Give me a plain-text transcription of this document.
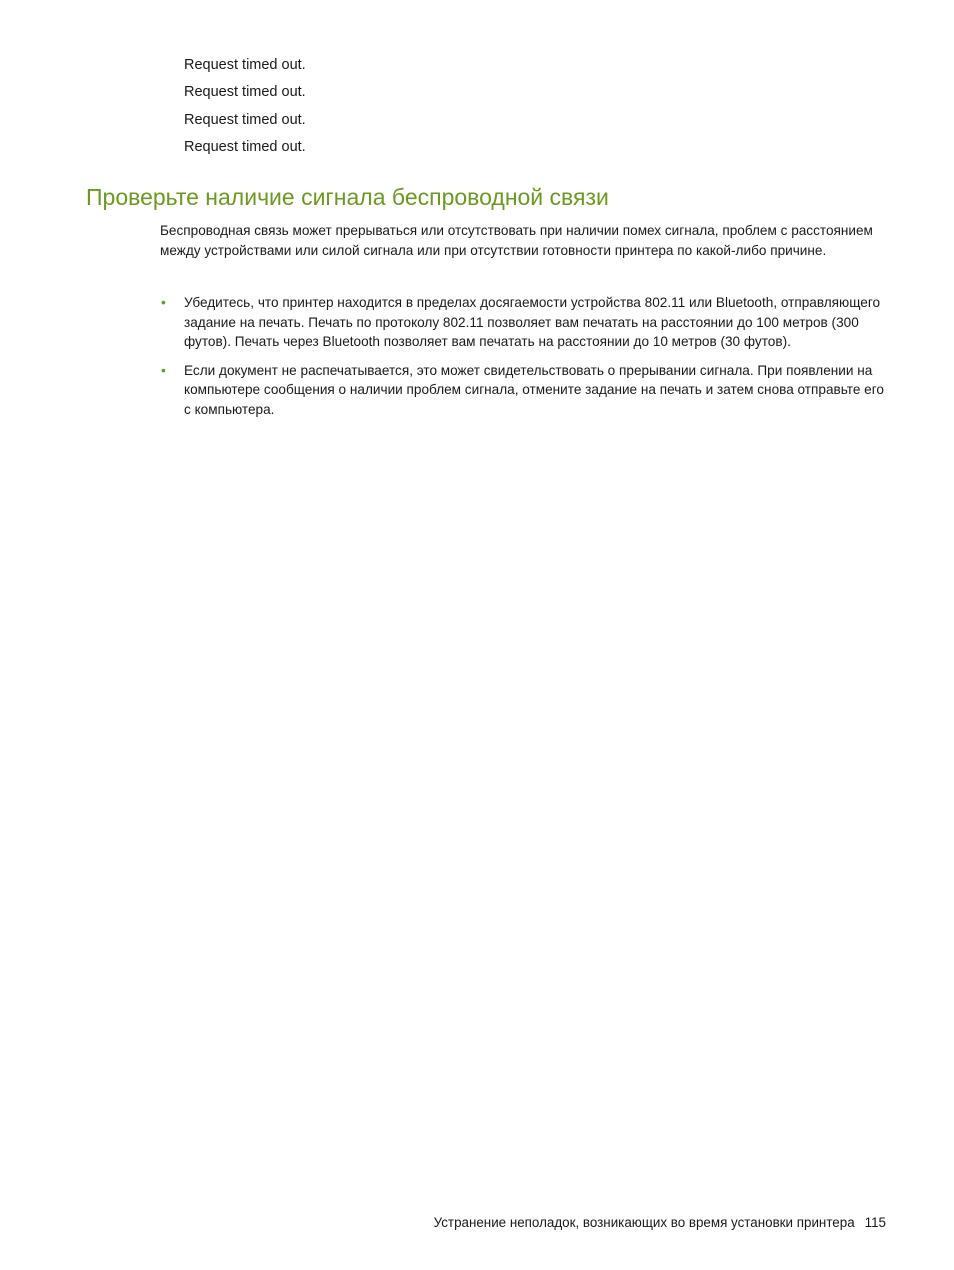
Request timed out.
Request timed out.
Request timed out.
Request timed out.
Проверьте наличие сигнала беспроводной связи

Беспроводная связь может прерываться или отсутствовать при наличии помех сигнала, проблем с расстоянием между устройствами или силой сигнала или при отсутствии готовности принтера по какой-либо причине.

• Убедитесь, что принтер находится в пределах досягаемости устройства 802.11 или Bluetooth, отправляющего задание на печать. Печать по протоколу 802.11 позволяет вам печатать на расстоянии до 100 метров (300 футов). Печать через Bluetooth позволяет вам печатать на расстоянии до 10 метров (30 футов).
• Если документ не распечатывается, это может свидетельствовать о прерывании сигнала. При появлении на компьютере сообщения о наличии проблем сигнала, отмените задание на печать и затем снова отправьте его с компьютера.
Устранение неполадок, возникающих во время установки принтера 115
